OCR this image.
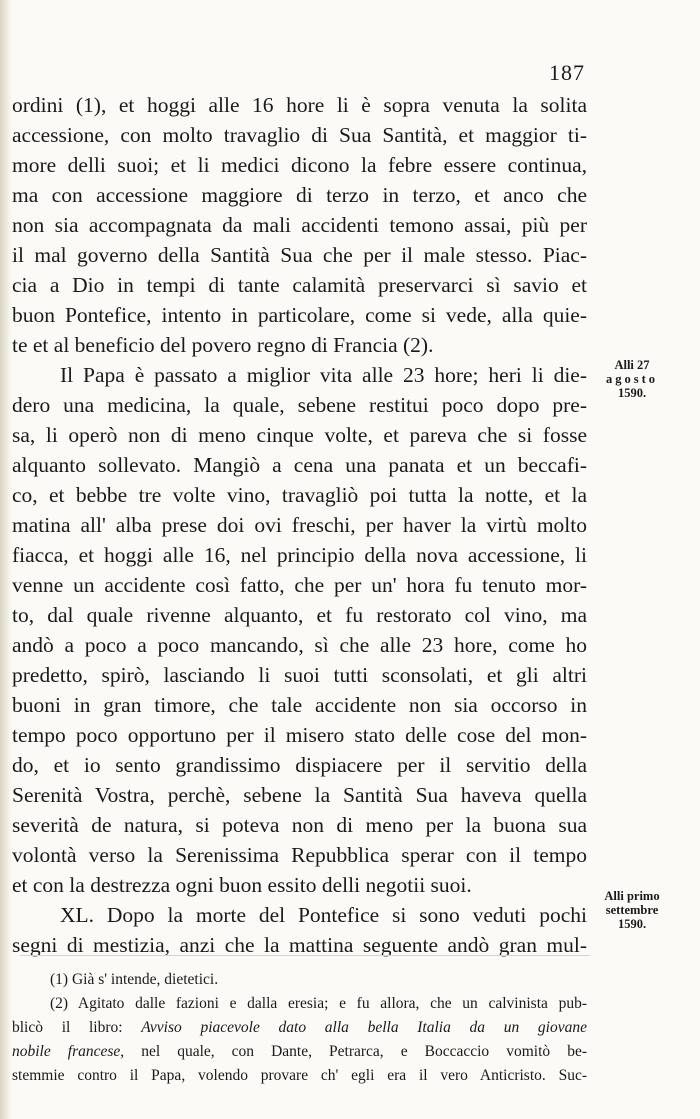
187
ordini (1), et hoggi alle 16 hore li è sopra venuta la solita
accessione, con molto travaglio di Sua Santità, et maggior ti-
more delli suoi; et li medici dicono la febre essere continua,
ma con accessione maggiore di terzo in terzo, et anco che
non sia accompagnata da mali accidenti temono assai, più per
il mal governo della Santità Sua che per il male stesso. Piac-
cia a Dio in tempi di tante calamità preservarci sì savio et
buon Pontefice, intento in particolare, come si vede, alla quie-
te et al beneficio del povero regno di Francia (2).
Il Papa è passato a miglior vita alle 23 hore; heri li die-
dero una medicina, la quale, sebene restitui poco dopo pre-
sa, li operò non di meno cinque volte, et pareva che si fosse
alquanto sollevato. Mangiò a cena una panata et un beccafi-
co, et bebbe tre volte vino, travagliò poi tutta la notte, et la
matina all' alba prese doi ovi freschi, per haver la virtù molto
fiacca, et hoggi alle 16, nel principio della nova accessione, li
venne un accidente così fatto, che per un' hora fu tenuto mor-
to, dal quale rivenne alquanto, et fu restorato col vino, ma
andò a poco a poco mancando, sì che alle 23 hore, come ho
predetto, spirò, lasciando li suoi tutti sconsolati, et gli altri
buoni in gran timore, che tale accidente non sia occorso in
tempo poco opportuno per il misero stato delle cose del mon-
do, et io sento grandissimo dispiacere per il servitio della
Serenità Vostra, perchè, sebene la Santità Sua haveva quella
severità de natura, si poteva non di meno per la buona sua
volontà verso la Serenissima Repubblica sperar con il tempo
et con la destrezza ogni buon essito delli negotii suoi.
XL. Dopo la morte del Pontefice si sono veduti pochi
segni di mestizia, anzi che la mattina seguente andò gran mul-
Alli 27
agosto
1590.
Alli primo
settembre
1590.
(1) Già s' intende, dietetici.
(2) Agitato dalle fazioni e dalla eresia; e fu allora, che un calvinista pub-
blicò il libro: Avviso piacevole dato alla bella Italia da un giovane
nobile francese, nel quale, con Dante, Petrarca, e Boccaccio vomitò be-
stemmie contro il Papa, volendo provare ch' egli era il vero Anticristo. Suc-
